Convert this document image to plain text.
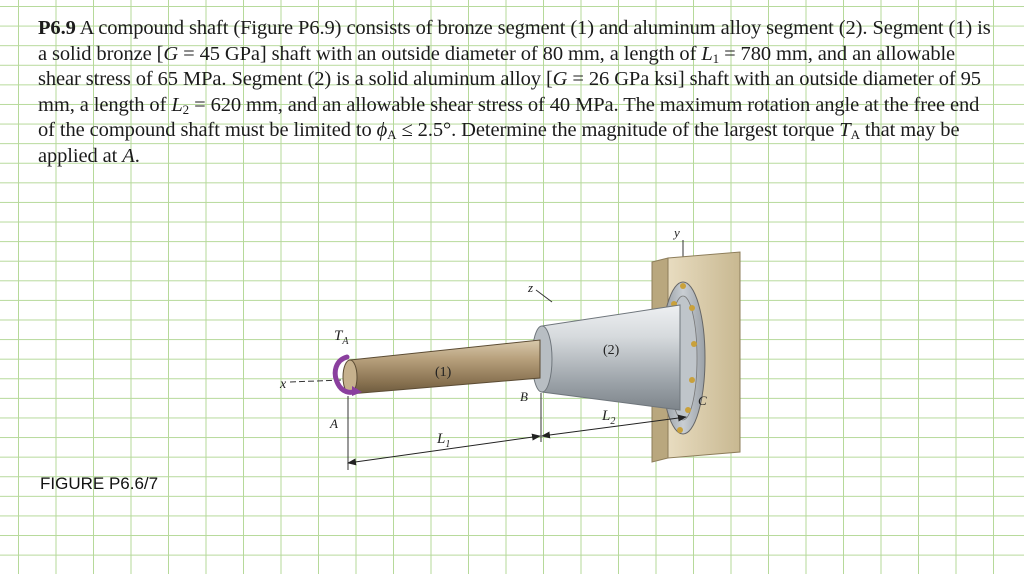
P6.9 A compound shaft (Figure P6.9) consists of bronze segment (1) and aluminum alloy segment (2). Segment (1) is a solid bronze [G = 45 GPa] shaft with an outside diameter of 80 mm, a length of $L_1 = 780$ mm, and an allowable shear stress of 65 MPa. Segment (2) is a solid aluminum alloy [G = 26 GPa ksi] shaft with an outside diameter of 95 mm, a length of $L_2 = 620$ mm, and an allowable shear stress of 40 MPa. The maximum rotation angle at the free end of the compound shaft must be limited to $\phi_A \le 2.5^\circ$. Determine the magnitude of the largest torque $T_A$ that may be applied at A.
FIGURE P6.6/7
y
x
z
$T_A$
A
B	C
(1)
(2)
$L_1$
$L_2$
